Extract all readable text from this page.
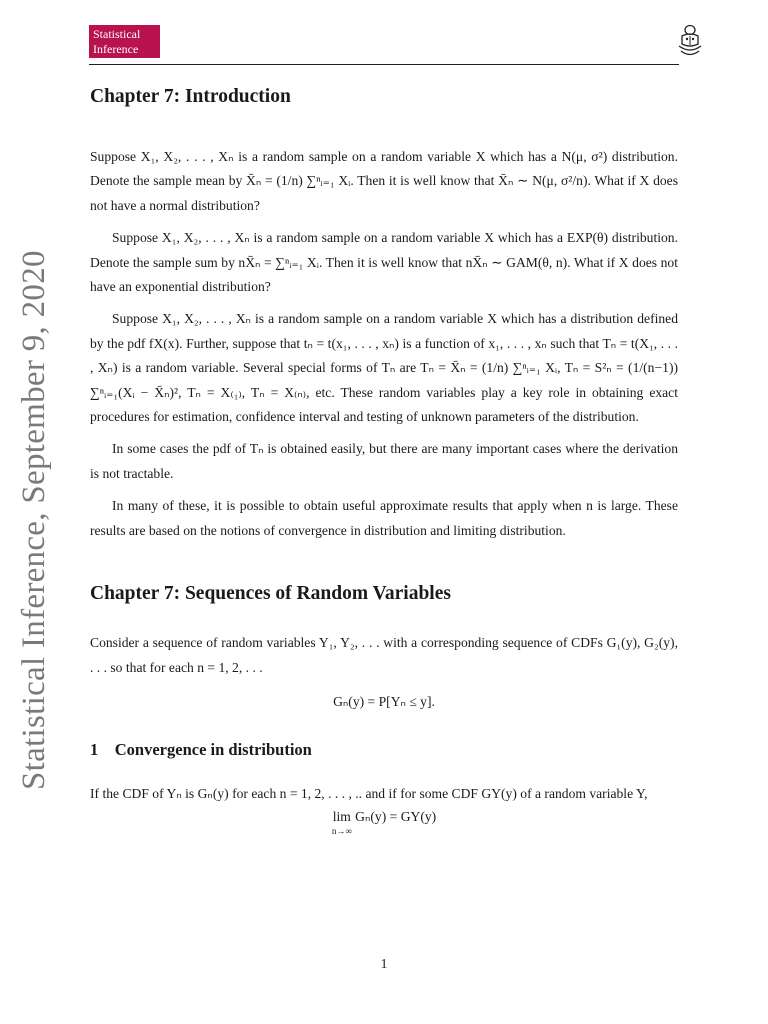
Statistical
Inference
Statistical Inference, September 9, 2020
Chapter 7: Introduction

Suppose X₁, X₂, . . . , Xₙ is a random sample on a random variable X which has a N(μ, σ²) distribution. Denote the sample mean by X̄ₙ = (1/n) ∑ⁿᵢ₌₁ Xᵢ. Then it is well know that X̄ₙ ∼ N(μ, σ²/n). What if X does not have a normal distribution?

Suppose X₁, X₂, . . . , Xₙ is a random sample on a random variable X which has a EXP(θ) distribution. Denote the sample sum by nX̄ₙ = ∑ⁿᵢ₌₁ Xᵢ. Then it is well know that nX̄ₙ ∼ GAM(θ, n). What if X does not have an exponential distribution?

Suppose X₁, X₂, . . . , Xₙ is a random sample on a random variable X which has a distribution defined by the pdf fX(x). Further, suppose that tₙ = t(x₁, . . . , xₙ) is a function of x₁, . . . , xₙ such that Tₙ = t(X₁, . . . , Xₙ) is a random variable. Several special forms of Tₙ are Tₙ = X̄ₙ = (1/n) ∑ⁿᵢ₌₁ Xᵢ, Tₙ = S²ₙ = (1/(n−1)) ∑ⁿᵢ₌₁(Xᵢ − X̄ₙ)², Tₙ = X₍₁₎, Tₙ = X₍ₙ₎, etc. These random variables play a key role in obtaining exact procedures for estimation, confidence interval and testing of unknown parameters of the distribution.

In some cases the pdf of Tₙ is obtained easily, but there are many important cases where the derivation is not tractable.

In many of these, it is possible to obtain useful approximate results that apply when n is large. These results are based on the notions of convergence in distribution and limiting distribution.

Chapter 7: Sequences of Random Variables

Consider a sequence of random variables Y₁, Y₂, . . . with a corresponding sequence of CDFs G₁(y), G₂(y), . . . so that for each n = 1, 2, . . .

Gₙ(y) = P[Yₙ ≤ y].
1    Convergence in distribution

If the CDF of Yₙ is Gₙ(y) for each n = 1, 2, . . . , .. and if for some CDF GY(y) of a random variable Y,

lim
n→∞ Gₙ(y) = GY(y)
1
